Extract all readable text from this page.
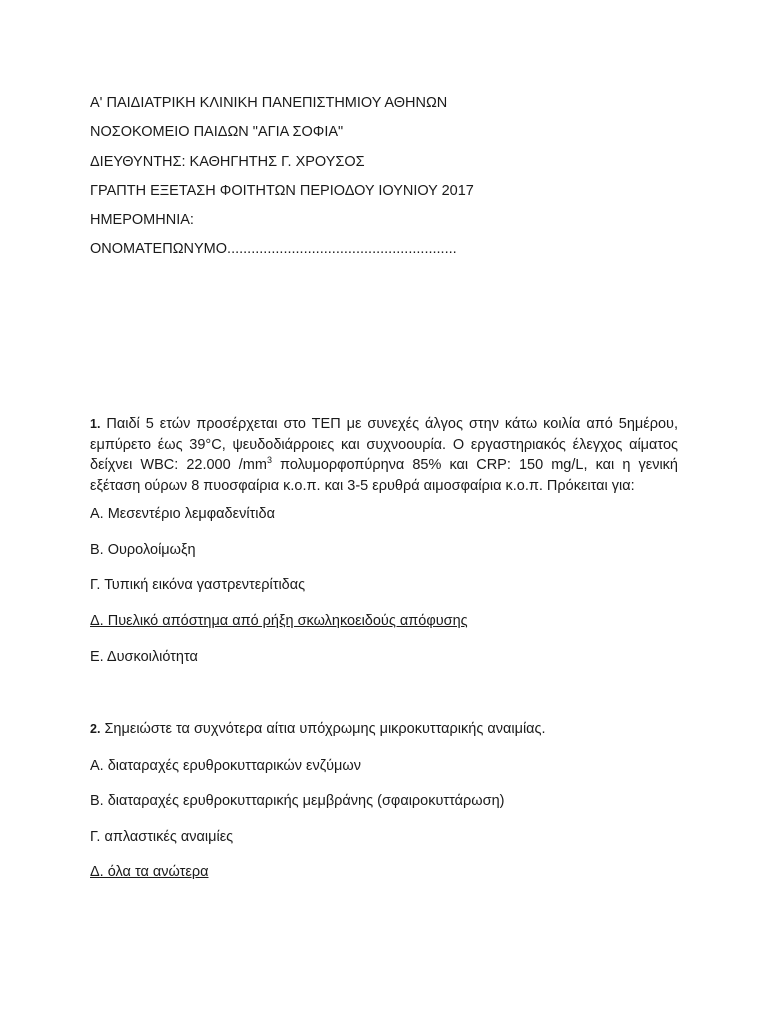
Α' ΠΑΙΔΙΑΤΡΙΚΗ ΚΛΙΝΙΚΗ ΠΑΝΕΠΙΣΤΗΜΙΟΥ ΑΘΗΝΩΝ
ΝΟΣΟΚΟΜΕΙΟ ΠΑΙΔΩΝ "ΑΓΙΑ ΣΟΦΙΑ"
ΔΙΕΥΘΥΝΤΗΣ: ΚΑΘΗΓΗΤΗΣ Γ. ΧΡΟΥΣΟΣ
ΓΡΑΠΤΗ ΕΞΕΤΑΣΗ ΦΟΙΤΗΤΩΝ ΠΕΡΙΟΔΟΥ ΙΟΥΝΙΟΥ 2017
ΗΜΕΡΟΜΗΝΙΑ:
ΟΝΟΜΑΤΕΠΩΝΥΜΟ.........................................................
1. Παιδί 5 ετών προσέρχεται στο ΤΕΠ με συνεχές άλγος στην κάτω κοιλία από 5ημέρου, εμπύρετο έως 39°C, ψευδοδιάρροιες και συχνοουρία. Ο εργαστηριακός έλεγχος αίματος δείχνει WBC: 22.000 $/mm^3$ πολυμορφοπύρηνα 85% και CRP: 150 mg/L, και η γενική εξέταση ούρων 8 πυοσφαίρια κ.ο.π. και 3-5 ερυθρά αιμοσφαίρια κ.ο.π. Πρόκειται για:
Α. Μεσεντέριο λεμφαδενίτιδα
Β. Ουρολοίμωξη
Γ. Τυπική εικόνα γαστρεντερίτιδας
Δ. Πυελικό απόστημα από ρήξη σκωληκοειδούς απόφυσης
Ε. Δυσκοιλιότητα
2. Σημειώστε τα συχνότερα αίτια υπόχρωμης μικροκυτταρικής αναιμίας.
Α. διαταραχές ερυθροκυτταρικών ενζύμων
Β. διαταραχές ερυθροκυτταρικής μεμβράνης (σφαιροκυττάρωση)
Γ. απλαστικές αναιμίες
Δ. όλα τα ανώτερα
